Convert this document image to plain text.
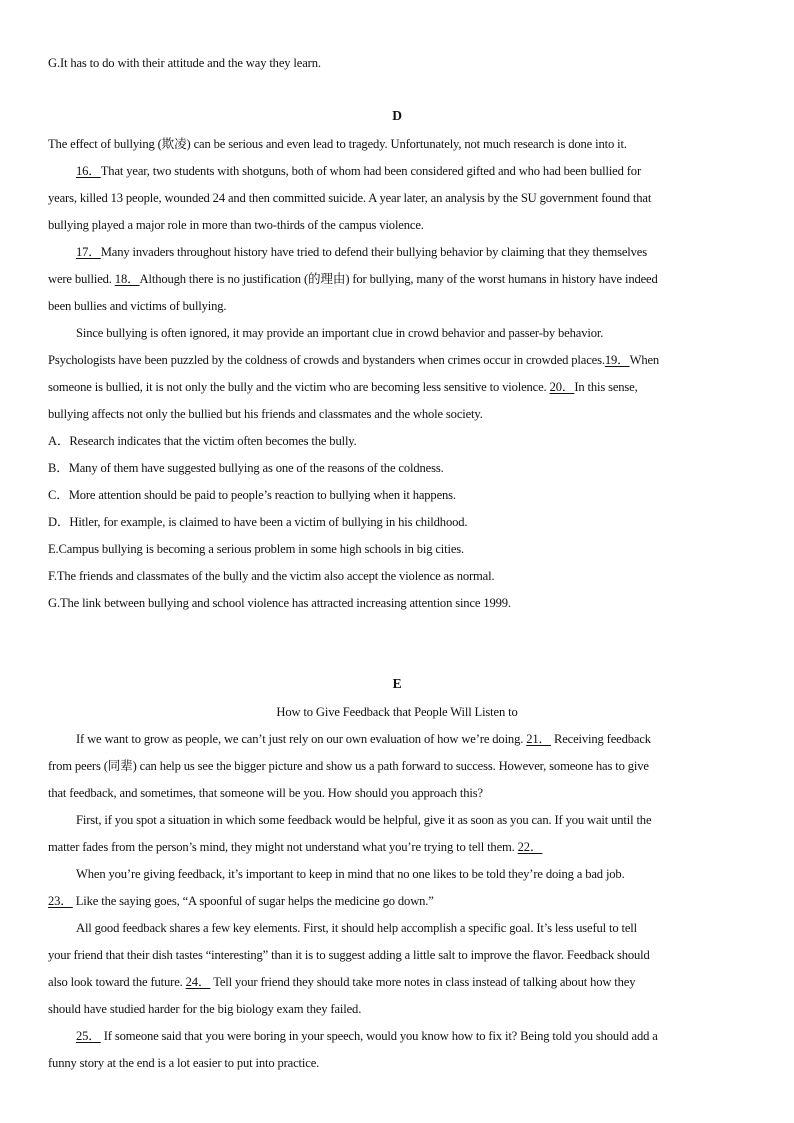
G.It has to do with their attitude and the way they learn.
D
The effect of bullying (欺凌) can be serious and even lead to tragedy. Unfortunately, not much research is done into it.
16．That year, two students with shotguns, both of whom had been considered gifted and who had been bullied for
years, killed 13 people, wounded 24 and then committed suicide. A year later, an analysis by the SU government found that
bullying played a major role in more than two-thirds of the campus violence.
17．Many invaders throughout history have tried to defend their bullying behavior by claiming that they themselves
were bullied. 18．Although there is no justification (的理由) for bullying, many of the worst humans in history have indeed
been bullies and victims of bullying.
Since bullying is often ignored, it may provide an important clue in crowd behavior and passer-by behavior.
Psychologists have been puzzled by the coldness of crowds and bystanders when crimes occur in crowded places.19．When
someone is bullied, it is not only the bully and the victim who are becoming less sensitive to violence. 20．In this sense,
bullying affects not only the bullied but his friends and classmates and the whole society.
A．Research indicates that the victim often becomes the bully.
B．Many of them have suggested bullying as one of the reasons of the coldness.
C．More attention should be paid to people’s reaction to bullying when it happens.
D．Hitler, for example, is claimed to have been a victim of bullying in his childhood.
E.Campus bullying is becoming a serious problem in some high schools in big cities.
F.The friends and classmates of the bully and the victim also accept the violence as normal.
G.The link between bullying and school violence has attracted increasing attention since 1999.
E
How to Give Feedback that People Will Listen to
If we want to grow as people, we can’t just rely on our own evaluation of how we’re doing. 21． Receiving feedback
from peers (同辈) can help us see the bigger picture and show us a path forward to success. However, someone has to give
that feedback, and sometimes, that someone will be you. How should you approach this?
First, if you spot a situation in which some feedback would be helpful, give it as soon as you can. If you wait until the
matter fades from the person’s mind, they might not understand what you’re trying to tell them. 22．
When you’re giving feedback, it’s important to keep in mind that no one likes to be told they’re doing a bad job.
23． Like the saying goes, “A spoonful of sugar helps the medicine go down.”
All good feedback shares a few key elements. First, it should help accomplish a specific goal. It’s less useful to tell
your friend that their dish tastes “interesting” than it is to suggest adding a little salt to improve the flavor. Feedback should
also look toward the future. 24． Tell your friend they should take more notes in class instead of talking about how they
should have studied harder for the big biology exam they failed.
25． If someone said that you were boring in your speech, would you know how to fix it? Being told you should add a
funny story at the end is a lot easier to put into practice.
